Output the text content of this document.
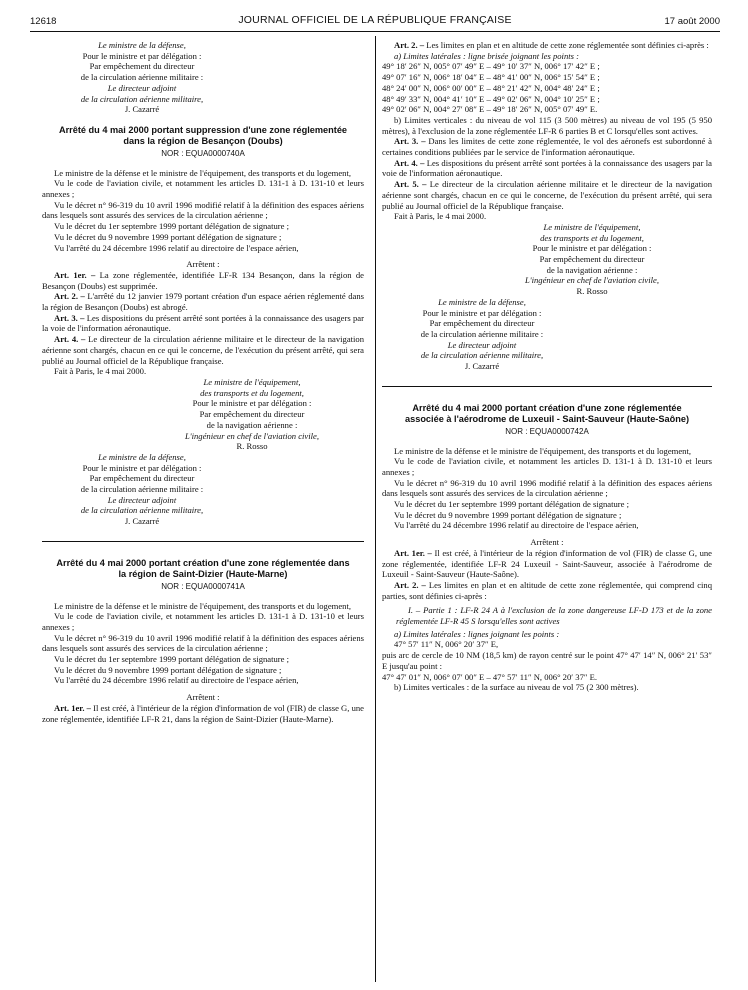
12618	JOURNAL OFFICIEL DE LA RÉPUBLIQUE FRANÇAISE	17 août 2000

Le ministre de la défense,

Pour le ministre et par délégation :

Par empêchement du directeur

de la circulation aérienne militaire :

Le directeur adjoint

de la circulation aérienne militaire,

J. Cazarré

Arrêté du 4 mai 2000 portant suppression d'une zone réglementée dans la région de Besançon (Doubs)

NOR : EQUA0000740A

Le ministre de la défense et le ministre de l'équipement, des transports et du logement,

Vu le code de l'aviation civile, et notamment les articles D. 131-1 à D. 131-10 et leurs annexes ;

Vu le décret n° 96-319 du 10 avril 1996 modifié relatif à la définition des espaces aériens dans lesquels sont assurés des services de la circulation aérienne ;

Vu le décret du 1er septembre 1999 portant délégation de signature ;

Vu le décret du 9 novembre 1999 portant délégation de signature ;

Vu l'arrêté du 24 décembre 1996 relatif au directoire de l'espace aérien,

Arrêtent :

Art. 1er. – La zone réglementée, identifiée LF-R 134 Besançon, dans la région de Besançon (Doubs) est supprimée.

Art. 2. – L'arrêté du 12 janvier 1979 portant création d'un espace aérien réglementé dans la région de Besançon (Doubs) est abrogé.

Art. 3. – Les dispositions du présent arrêté sont portées à la connaissance des usagers par la voie de l'information aéronautique.

Art. 4. – Le directeur de la circulation aérienne militaire et le directeur de la navigation aérienne sont chargés, chacun en ce qui le concerne, de l'exécution du présent arrêté, qui sera publié au Journal officiel de la République française.

Fait à Paris, le 4 mai 2000.

Le ministre de l'équipement,

des transports et du logement,

Pour le ministre et par délégation :

Par empêchement du directeur

de la navigation aérienne :

L'ingénieur en chef de l'aviation civile,

R. Rosso

Le ministre de la défense,

Pour le ministre et par délégation :

Par empêchement du directeur

de la circulation aérienne militaire :

Le directeur adjoint

de la circulation aérienne militaire,

J. Cazarré

Arrêté du 4 mai 2000 portant création d'une zone réglementée dans la région de Saint-Dizier (Haute-Marne)

NOR : EQUA0000741A

Le ministre de la défense et le ministre de l'équipement, des transports et du logement,

Vu le code de l'aviation civile, et notamment les articles D. 131-1 à D. 131-10 et leurs annexes ;

Vu le décret n° 96-319 du 10 avril 1996 modifié relatif à la définition des espaces aériens dans lesquels sont assurés des services de la circulation aérienne ;

Vu le décret du 1er septembre 1999 portant délégation de signature ;

Vu le décret du 9 novembre 1999 portant délégation de signature ;

Vu l'arrêté du 24 décembre 1996 relatif au directoire de l'espace aérien,

Arrêtent :

Art. 1er. – Il est créé, à l'intérieur de la région d'information de vol (FIR) de classe G, une zone réglementée, identifiée LF-R 21, dans la région de Saint-Dizier (Haute-Marne).

Art. 2. – Les limites en plan et en altitude de cette zone réglementée sont définies ci-après :

a) Limites latérales : ligne brisée joignant les points :

49° 18′ 26″ N, 005° 07′ 49″ E – 49° 10′ 37″ N, 006° 17′ 42″ E ;

49° 07′ 16″ N, 006° 18′ 04″ E – 48° 41′ 00″ N, 006° 15′ 54″ E ;

48° 24′ 00″ N, 006° 00′ 00″ E – 48° 21′ 42″ N, 004° 48′ 24″ E ;

48° 49′ 33″ N, 004° 41′ 10″ E – 49° 02′ 06″ N, 004° 10′ 25″ E ;

49° 02′ 06″ N, 004° 27′ 08″ E – 49° 18′ 26″ N, 005° 07′ 49″ E.

b) Limites verticales : du niveau de vol 115 (3 500 mètres) au niveau de vol 195 (5 950 mètres), à l'exclusion de la zone réglementée LF-R 6 parties B et C lorsqu'elles sont actives.

Art. 3. – Dans les limites de cette zone réglementée, le vol des aéronefs est subordonné à certaines conditions publiées par le service de l'information aéronautique.

Art. 4. – Les dispositions du présent arrêté sont portées à la connaissance des usagers par la voie de l'information aéronautique.

Art. 5. – Le directeur de la circulation aérienne militaire et le directeur de la navigation aérienne sont chargés, chacun en ce qui le concerne, de l'exécution du présent arrêté, qui sera publié au Journal officiel de la République française.

Fait à Paris, le 4 mai 2000.

Le ministre de l'équipement,

des transports et du logement,

Pour le ministre et par délégation :

Par empêchement du directeur

de la navigation aérienne :

L'ingénieur en chef de l'aviation civile,

R. Rosso

Le ministre de la défense,

Pour le ministre et par délégation :

Par empêchement du directeur

de la circulation aérienne militaire :

Le directeur adjoint

de la circulation aérienne militaire,

J. Cazarré

Arrêté du 4 mai 2000 portant création d'une zone réglementée associée à l'aérodrome de Luxeuil - Saint-Sauveur (Haute-Saône)

NOR : EQUA0000742A

Le ministre de la défense et le ministre de l'équipement, des transports et du logement,

Vu le code de l'aviation civile, et notamment les articles D. 131-1 à D. 131-10 et leurs annexes ;

Vu le décret n° 96-319 du 10 avril 1996 modifié relatif à la définition des espaces aériens dans lesquels sont assurés des services de la circulation aérienne ;

Vu le décret du 1er septembre 1999 portant délégation de signature ;

Vu le décret du 9 novembre 1999 portant délégation de signature ;

Vu l'arrêté du 24 décembre 1996 relatif au directoire de l'espace aérien,

Arrêtent :

Art. 1er. – Il est créé, à l'intérieur de la région d'information de vol (FIR) de classe G, une zone réglementée, identifiée LF-R 24 Luxeuil - Saint-Sauveur, associée à l'aérodrome de Luxeuil - Saint-Sauveur (Haute-Saône).

Art. 2. – Les limites en plan et en altitude de cette zone réglementée, qui comprend cinq parties, sont définies ci-après :

I. – Partie 1 : LF-R 24 A à l'exclusion de la zone dangereuse LF-D 173 et de la zone réglementée LF-R 45 S lorsqu'elles sont actives

a) Limites latérales : lignes joignant les points :

47° 57′ 11″ N, 006° 20′ 37″ E,

puis arc de cercle de 10 NM (18,5 km) de rayon centré sur le point 47° 47′ 14″ N, 006° 21′ 53″ E jusqu'au point :

47° 47′ 01″ N, 006° 07′ 00″ E – 47° 57′ 11″ N, 006° 20′ 37″ E.

b) Limites verticales : de la surface au niveau de vol 75 (2 300 mètres).
